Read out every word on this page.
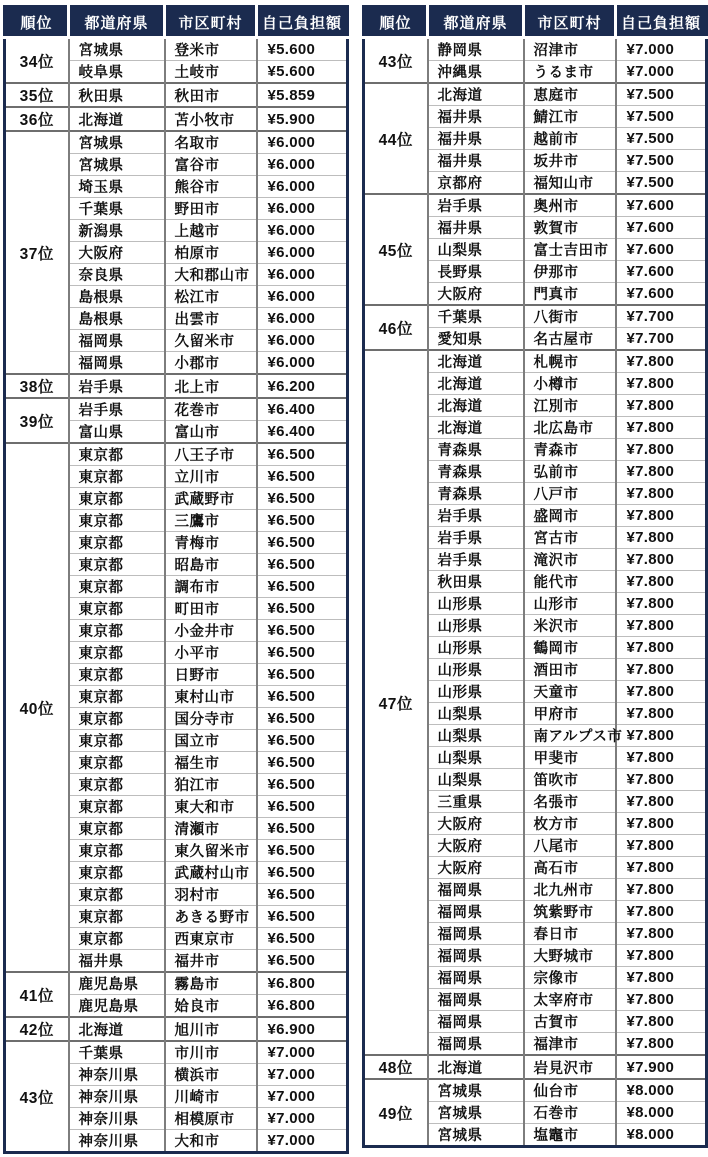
順位	都道府県	市区町村	自己負担額
34位	宮城県	登米市	¥5.600
	岐阜県	土岐市	¥5.600
35位	秋田県	秋田市	¥5.859
36位	北海道	苫小牧市	¥5.900
37位	宮城県	名取市	¥6.000
	宮城県	富谷市	¥6.000
	埼玉県	熊谷市	¥6.000
	千葉県	野田市	¥6.000
	新潟県	上越市	¥6.000
	大阪府	柏原市	¥6.000
	奈良県	大和郡山市	¥6.000
	島根県	松江市	¥6.000
	島根県	出雲市	¥6.000
	福岡県	久留米市	¥6.000
	福岡県	小郡市	¥6.000
38位	岩手県	北上市	¥6.200
39位	岩手県	花巻市	¥6.400
	富山県	富山市	¥6.400
40位	東京都	八王子市	¥6.500
	東京都	立川市	¥6.500
	東京都	武蔵野市	¥6.500
	東京都	三鷹市	¥6.500
	東京都	青梅市	¥6.500
	東京都	昭島市	¥6.500
	東京都	調布市	¥6.500
	東京都	町田市	¥6.500
	東京都	小金井市	¥6.500
	東京都	小平市	¥6.500
	東京都	日野市	¥6.500
	東京都	東村山市	¥6.500
	東京都	国分寺市	¥6.500
	東京都	国立市	¥6.500
	東京都	福生市	¥6.500
	東京都	狛江市	¥6.500
	東京都	東大和市	¥6.500
	東京都	清瀬市	¥6.500
	東京都	東久留米市	¥6.500
	東京都	武蔵村山市	¥6.500
	東京都	羽村市	¥6.500
	東京都	あきる野市	¥6.500
	東京都	西東京市	¥6.500
	福井県	福井市	¥6.500
41位	鹿児島県	霧島市	¥6.800
	鹿児島県	姶良市	¥6.800
42位	北海道	旭川市	¥6.900
43位	千葉県	市川市	¥7.000
	神奈川県	横浜市	¥7.000
	神奈川県	川崎市	¥7.000
	神奈川県	相模原市	¥7.000
	神奈川県	大和市	¥7.000
順位	都道府県	市区町村	自己負担額
43位	静岡県	沼津市	¥7.000
	沖縄県	うるま市	¥7.000
44位	北海道	恵庭市	¥7.500
	福井県	鯖江市	¥7.500
	福井県	越前市	¥7.500
	福井県	坂井市	¥7.500
	京都府	福知山市	¥7.500
45位	岩手県	奥州市	¥7.600
	福井県	敦賀市	¥7.600
	山梨県	富士吉田市	¥7.600
	長野県	伊那市	¥7.600
	大阪府	門真市	¥7.600
46位	千葉県	八街市	¥7.700
	愛知県	名古屋市	¥7.700
47位	北海道	札幌市	¥7.800
	北海道	小樽市	¥7.800
	北海道	江別市	¥7.800
	北海道	北広島市	¥7.800
	青森県	青森市	¥7.800
	青森県	弘前市	¥7.800
	青森県	八戸市	¥7.800
	岩手県	盛岡市	¥7.800
	岩手県	宮古市	¥7.800
	岩手県	滝沢市	¥7.800
	秋田県	能代市	¥7.800
	山形県	山形市	¥7.800
	山形県	米沢市	¥7.800
	山形県	鶴岡市	¥7.800
	山形県	酒田市	¥7.800
	山形県	天童市	¥7.800
	山梨県	甲府市	¥7.800
	山梨県	南アルプス市	¥7.800
	山梨県	甲斐市	¥7.800
	山梨県	笛吹市	¥7.800
	三重県	名張市	¥7.800
	大阪府	枚方市	¥7.800
	大阪府	八尾市	¥7.800
	大阪府	高石市	¥7.800
	福岡県	北九州市	¥7.800
	福岡県	筑紫野市	¥7.800
	福岡県	春日市	¥7.800
	福岡県	大野城市	¥7.800
	福岡県	宗像市	¥7.800
	福岡県	太宰府市	¥7.800
	福岡県	古賀市	¥7.800
	福岡県	福津市	¥7.800
48位	北海道	岩見沢市	¥7.900
49位	宮城県	仙台市	¥8.000
	宮城県	石巻市	¥8.000
	宮城県	塩竈市	¥8.000
